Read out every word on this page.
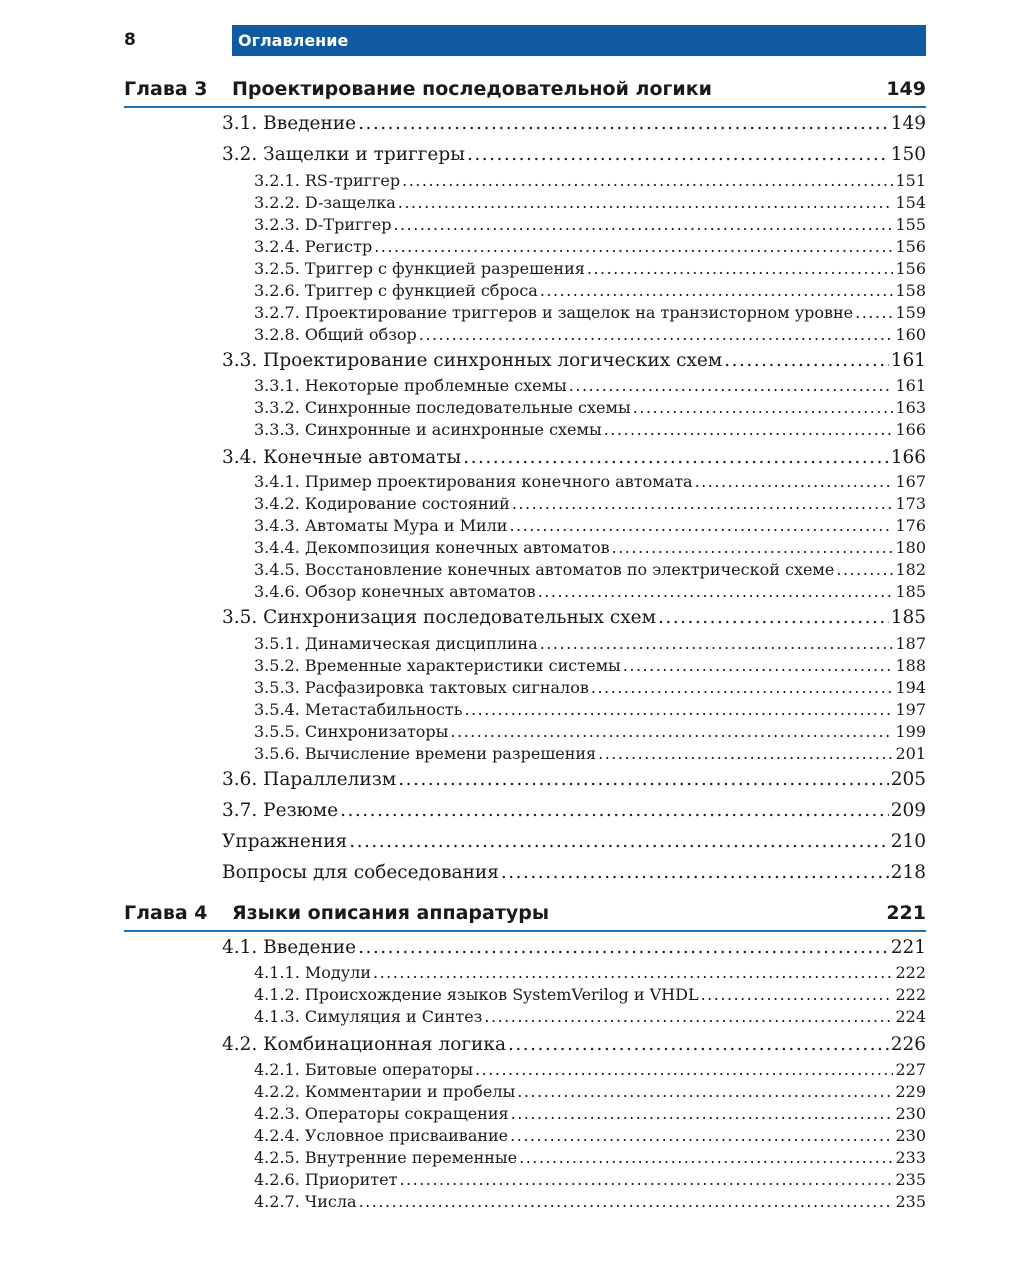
8	Оглавление
Глава 3 Проектирование последовательной логики	149
3.1. Введение .....	149
3.2. Защелки и триггеры .....	150
3.2.1. RS-триггер .....	151
3.2.2. D-защелка .....	154
3.2.3. D-Триггер .....	155
3.2.4. Регистр .....	156
3.2.5. Триггер с функцией разрешения .....	156
3.2.6. Триггер с функцией сброса .....	158
3.2.7. Проектирование триггеров и защелок на транзисторном уровне .....	159
3.2.8. Общий обзор .....	160
3.3. Проектирование синхронных логических схем .....	161
3.3.1. Некоторые проблемные схемы .....	161
3.3.2. Синхронные последовательные схемы .....	163
3.3.3. Синхронные и асинхронные схемы .....	166
3.4. Конечные автоматы .....	166
3.4.1. Пример проектирования конечного автомата .....	167
3.4.2. Кодирование состояний .....	173
3.4.3. Автоматы Мура и Мили .....	176
3.4.4. Декомпозиция конечных автоматов .....	180
3.4.5. Восстановление конечных автоматов по электрической схеме .....	182
3.4.6. Обзор конечных автоматов .....	185
3.5. Синхронизация последовательных схем .....	185
3.5.1. Динамическая дисциплина .....	187
3.5.2. Временные характеристики системы .....	188
3.5.3. Расфазировка тактовых сигналов .....	194
3.5.4. Метастабильность .....	197
3.5.5. Синхронизаторы .....	199
3.5.6. Вычисление времени разрешения .....	201
3.6. Параллелизм .....	205
3.7. Резюме .....	209
Упражнения .....	210
Вопросы для собеседования .....	218
Глава 4 Языки описания аппаратуры	221
4.1. Введение .....	221
4.1.1. Модули .....	222
4.1.2. Происхождение языков SystemVerilog и VHDL .....	222
4.1.3. Симуляция и Синтез .....	224
4.2. Комбинационная логика .....	226
4.2.1. Битовые операторы .....	227
4.2.2. Комментарии и пробелы .....	229
4.2.3. Операторы сокращения .....	230
4.2.4. Условное присваивание .....	230
4.2.5. Внутренние переменные .....	233
4.2.6. Приоритет .....	235
4.2.7. Числа .....	235
